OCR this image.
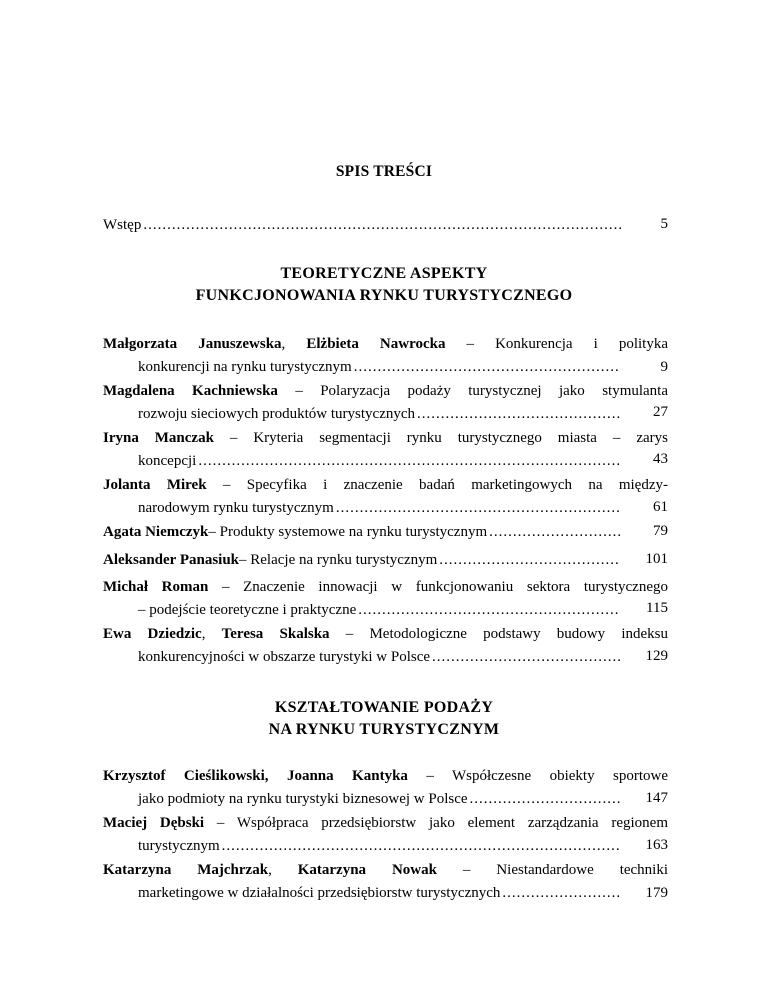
SPIS TREŚCI
Wstęp .....	5
TEORETYCZNE ASPEKTY
FUNKCJONOWANIA RYNKU TURYSTYCZNEGO
Małgorzata Januszewska, Elżbieta Nawrocka – Konkurencja i polityka
konkurencji na rynku turystycznym .....	9
Magdalena Kachniewska – Polaryzacja podaży turystycznej jako stymulanta
rozwoju sieciowych produktów turystycznych .....	27
Iryna Manczak – Kryteria segmentacji rynku turystycznego miasta – zarys
koncepcji .....	43
Jolanta Mirek – Specyfika i znaczenie badań marketingowych na między-
narodowym rynku turystycznym .....	61
Agata Niemczyk – Produkty systemowe na rynku turystycznym .....	79
Aleksander Panasiuk – Relacje na rynku turystycznym .....	101
Michał Roman – Znaczenie innowacji w funkcjonowaniu sektora turystycznego
– podejście teoretyczne i praktyczne .....	115
Ewa Dziedzic, Teresa Skalska – Metodologiczne podstawy budowy indeksu
konkurencyjności w obszarze turystyki w Polsce .....	129
KSZTAŁTOWANIE PODAŻY
NA RYNKU TURYSTYCZNYM
Krzysztof Cieślikowski, Joanna Kantyka – Współczesne obiekty sportowe
jako podmioty na rynku turystyki biznesowej w Polsce .....	147
Maciej Dębski – Współpraca przedsiębiorstw jako element zarządzania regionem
turystycznym .....	163
Katarzyna Majchrzak, Katarzyna Nowak – Niestandardowe techniki
marketingowe w działalności przedsiębiorstw turystycznych .....	179
